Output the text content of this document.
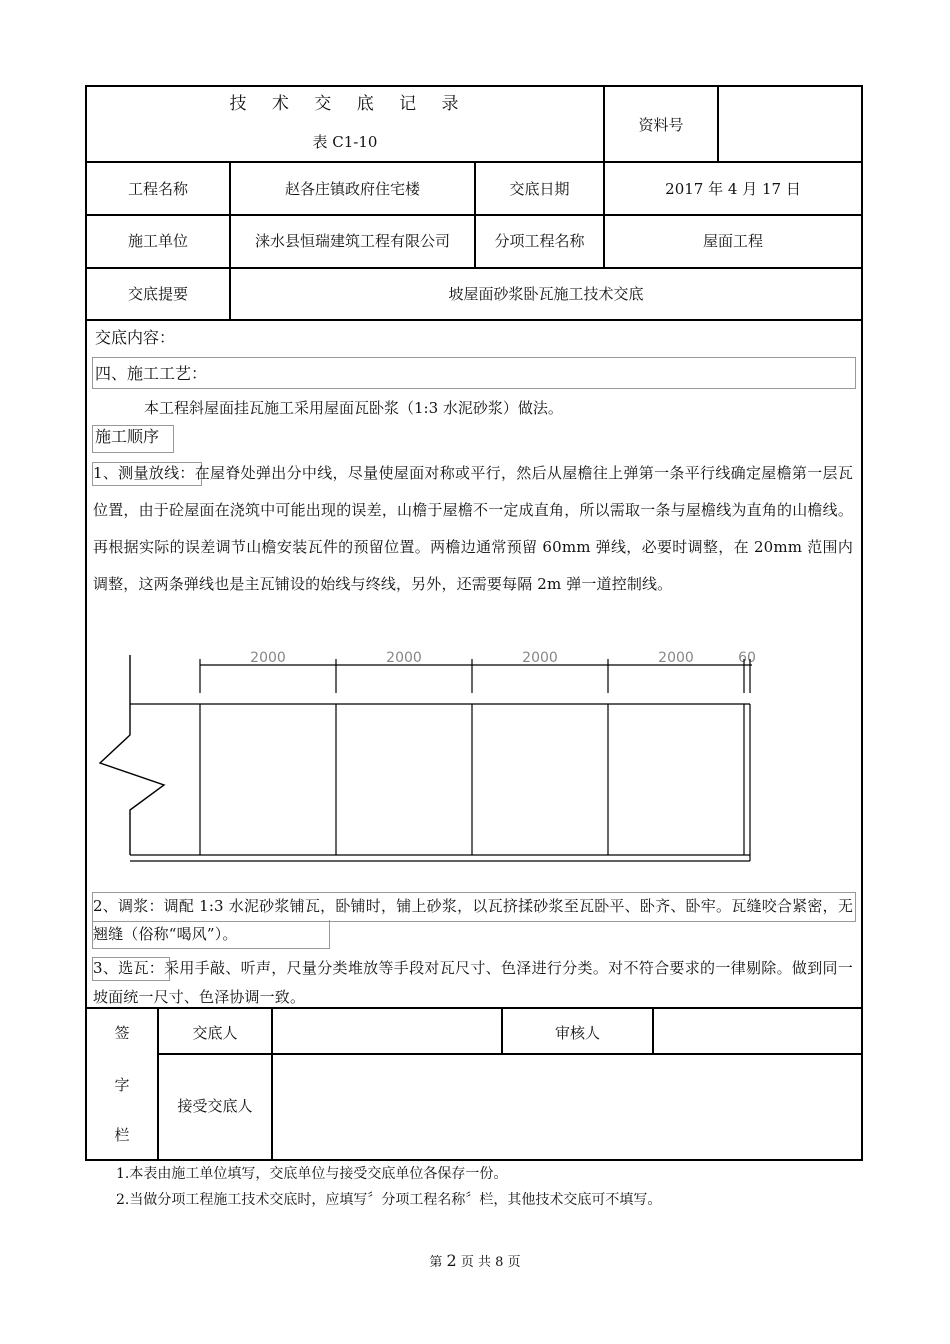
技 术 交 底 记 录
表 C1-10
资料号
工程名称	赵各庄镇政府住宅楼	交底日期	2017 年 4 月 17 日
施工单位	涞水县恒瑞建筑工程有限公司	分项工程名称	屋面工程
交底提要	坡屋面砂浆卧瓦施工技术交底
交底内容：
四、施工工艺：
本工程斜屋面挂瓦施工采用屋面瓦卧浆（1:3 水泥砂浆）做法。
施工顺序
1、测量放线：在屋脊处弹出分中线，尽量使屋面对称或平行，然后从屋檐往上弹第一条平行线确定屋檐第一层瓦位置，由于砼屋面在浇筑中可能出现的误差，山檐于屋檐不一定成直角，所以需取一条与屋檐线为直角的山檐线。再根据实际的误差调节山檐安装瓦件的预留位置。两檐边通常预留 60mm 弹线，必要时调整，在 20mm 范围内调整，这两条弹线也是主瓦铺设的始线与终线，另外，还需要每隔 2m 弹一道控制线。
2000	2000	2000	2000	60
2、调浆：调配 1:3 水泥砂浆铺瓦，卧铺时，铺上砂浆，以瓦挤揉砂浆至瓦卧平、卧齐、卧牢。瓦缝咬合紧密，无翘缝（俗称“喝风”）。
3、选瓦：采用手敲、听声，尺量分类堆放等手段对瓦尺寸、色泽进行分类。对不符合要求的一律剔除。做到同一坡面统一尺寸、色泽协调一致。
签
字
栏
交底人	审核人
接受交底人
1.本表由施工单位填写，交底单位与接受交底单位各保存一份。
2.当做分项工程施工技术交底时，应填写〞分项工程名称〞栏，其他技术交底可不填写。
第 2 页 共 8 页
